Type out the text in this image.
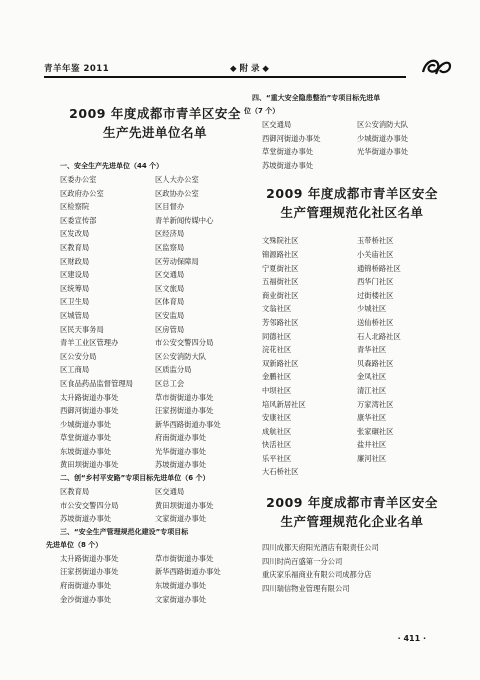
青羊年鉴 2011	◆ 附 录 ◆
2009 年度成都市青羊区安全
生产先进单位名单
一、安全生产先进单位（44 个）
区委办公室	区人大办公室
区政府办公室	区政协办公室
区检察院	区目督办
区委宣传部	青羊新闻传媒中心
区发改局	区经济局
区教育局	区监察局
区财政局	区劳动保障局
区建设局	区交通局
区统筹局	区文旅局
区卫生局	区体育局
区城管局	区安监局
区民天事务局	区房管局
青羊工业区管理办	市公安交警四分局
区公安分局	区公安消防大队
区工商局	区质监分局
区食品药品监督管理局	区总工会
太升路街道办事处	草市街街道办事处
西御河街道办事处	汪家拐街道办事处
少城街道办事处	新华西路街道办事处
草堂街道办事处	府南街道办事处
东坡街道办事处	光华街道办事处
黄田坝街道办事处	苏坡街道办事处
二、创“乡村平安路”专项目标先进单位（6 个）
区教育局	区交通局
市公安交警四分局	黄田坝街道办事处
苏坡街道办事处	文家街道办事处
三、“安全生产管理规范化建设”专项目标
先进单位（8 个）
太升路街道办事处	草市街街道办事处
汪家拐街道办事处	新华西路街道办事处
府南街道办事处	东坡街道办事处
金沙街道办事处	文家街道办事处
四、“重大安全隐患整治”专项目标先进单
位（7 个）
区交通局	区公安消防大队
西御河街道办事处	少城街道办事处
草堂街道办事处	光华街道办事处
苏坡街道办事处
2009 年度成都市青羊区安全
生产管理规范化社区名单
文殊院社区	玉带桥社区
锦源路社区	小关庙社区
宁夏街社区	通锦桥路社区
五福街社区	西华门社区
商业街社区	过街楼社区
文翁社区	少城社区
芳邻路社区	送仙桥社区
同德社区	石人北路社区
浣花社区	青华社区
双新路社区	贝森路社区
金鹏社区	金凤社区
中坝社区	清江社区
培风新居社区	万家湾社区
安康社区	康华社区
成航社区	张家碾社区
快活社区	盐井社区
乐平社区	廉河社区
大石桥社区
2009 年度成都市青羊区安全
生产管理规范化企业名单
四川成都天府阳光酒店有限责任公司
四川时尚百盛第一分公司
重庆家乐福商业有限公司成都分店
四川瑞信物业管理有限公司
· 411 ·
